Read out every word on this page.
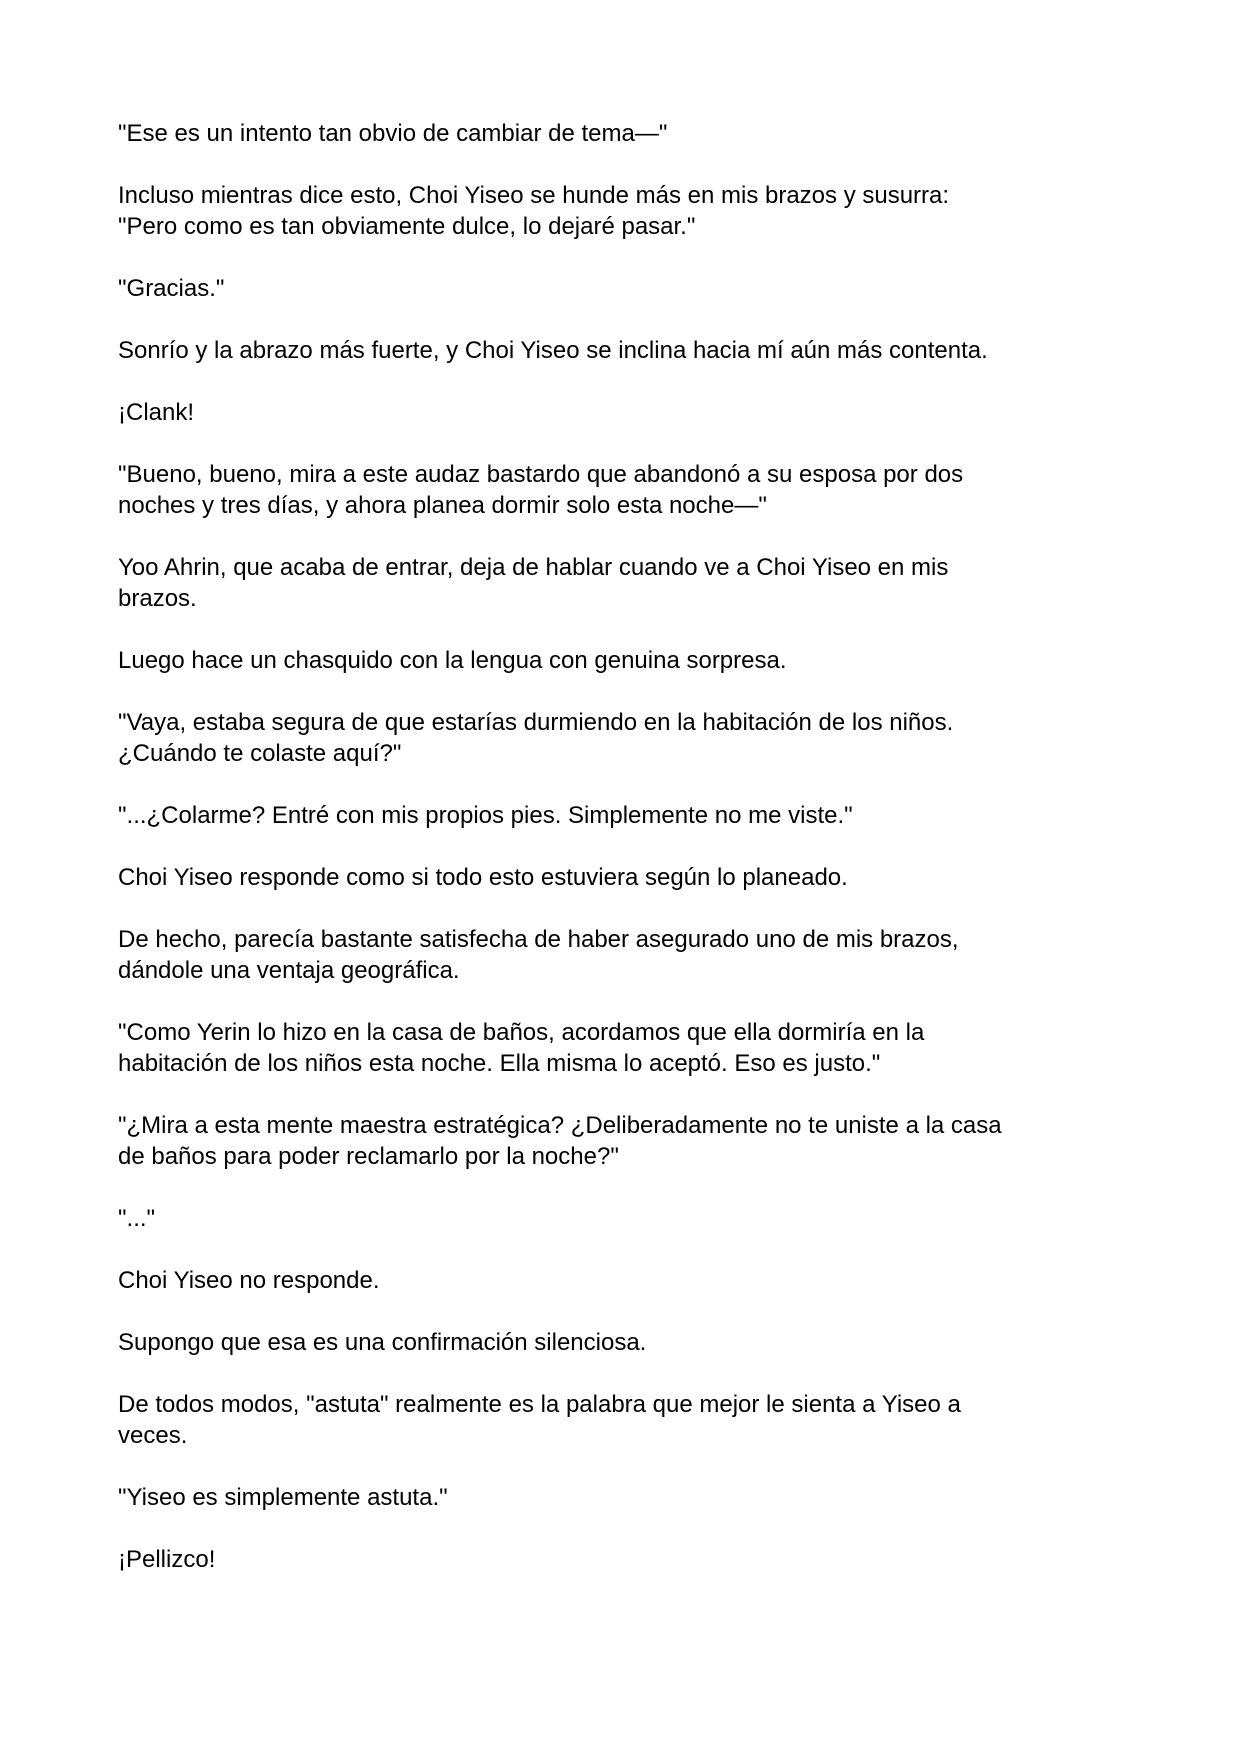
"Ese es un intento tan obvio de cambiar de tema—"

Incluso mientras dice esto, Choi Yiseo se hunde más en mis brazos y susurra:
"Pero como es tan obviamente dulce, lo dejaré pasar."

"Gracias."

Sonrío y la abrazo más fuerte, y Choi Yiseo se inclina hacia mí aún más contenta.

¡Clank!

"Bueno, bueno, mira a este audaz bastardo que abandonó a su esposa por dos
noches y tres días, y ahora planea dormir solo esta noche—"

Yoo Ahrin, que acaba de entrar, deja de hablar cuando ve a Choi Yiseo en mis
brazos.

Luego hace un chasquido con la lengua con genuina sorpresa.

"Vaya, estaba segura de que estarías durmiendo en la habitación de los niños.
¿Cuándo te colaste aquí?"

"...¿Colarme? Entré con mis propios pies. Simplemente no me viste."

Choi Yiseo responde como si todo esto estuviera según lo planeado.

De hecho, parecía bastante satisfecha de haber asegurado uno de mis brazos,
dándole una ventaja geográfica.

"Como Yerin lo hizo en la casa de baños, acordamos que ella dormiría en la
habitación de los niños esta noche. Ella misma lo aceptó. Eso es justo."

"¿Mira a esta mente maestra estratégica? ¿Deliberadamente no te uniste a la casa
de baños para poder reclamarlo por la noche?"

"..."

Choi Yiseo no responde.

Supongo que esa es una confirmación silenciosa.

De todos modos, "astuta" realmente es la palabra que mejor le sienta a Yiseo a
veces.

"Yiseo es simplemente astuta."

¡Pellizco!
